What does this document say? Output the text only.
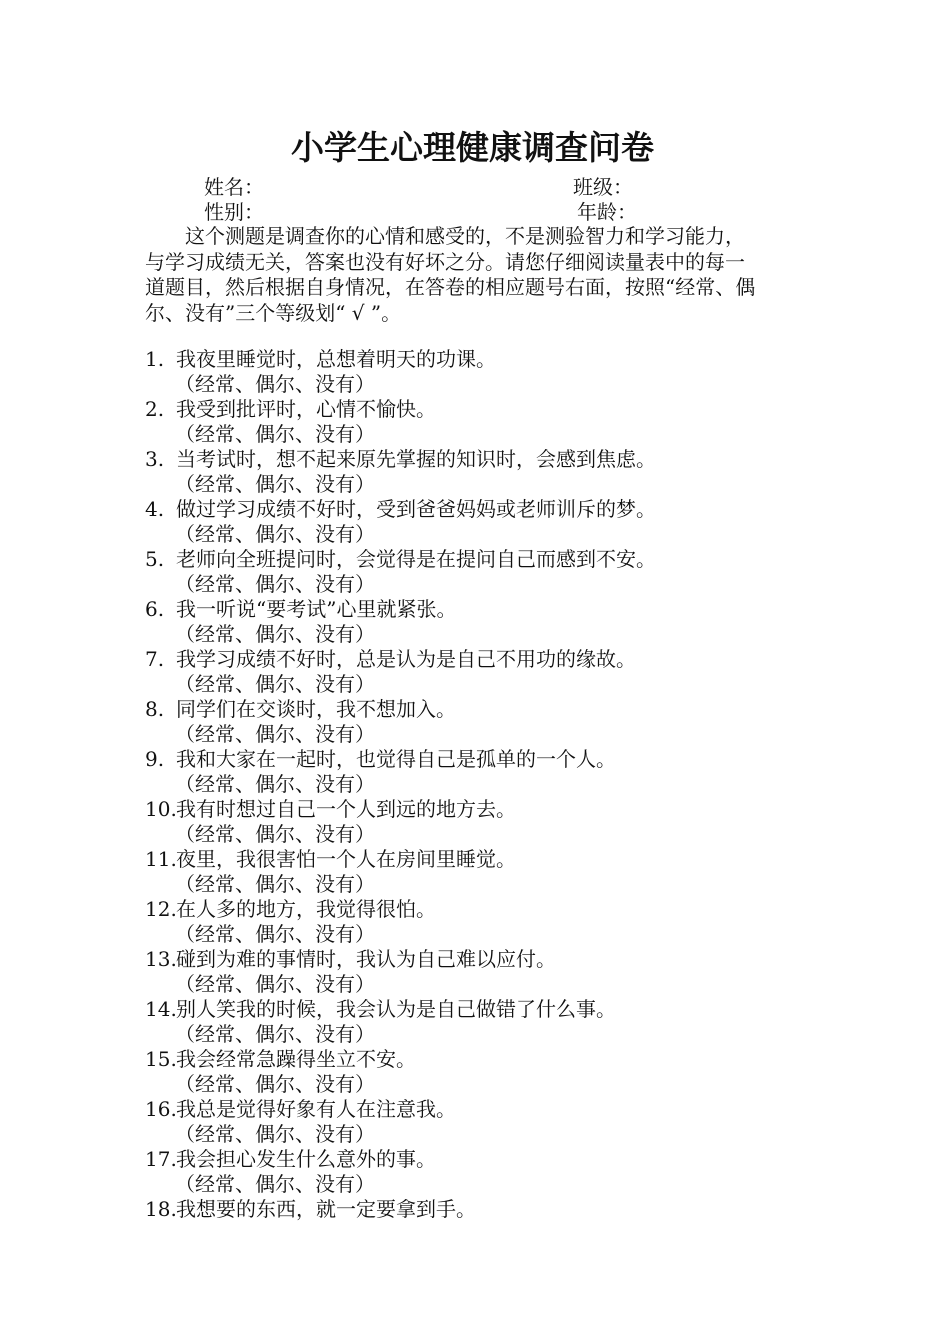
小学生心理健康调查问卷
姓名：	班级：
性别：	年龄：
这个测题是调查你的心情和感受的，不是测验智力和学习能力，
与学习成绩无关，答案也没有好坏之分。请您仔细阅读量表中的每一
道题目，然后根据自身情况，在答卷的相应题号右面，按照“经常、偶
尔、没有”三个等级划“ √ ”。
1. 我夜里睡觉时，总想着明天的功课。
（经常、偶尔、没有）
2. 我受到批评时，心情不愉快。
（经常、偶尔、没有）
3. 当考试时，想不起来原先掌握的知识时，会感到焦虑。
（经常、偶尔、没有）
4. 做过学习成绩不好时，受到爸爸妈妈或老师训斥的梦。
（经常、偶尔、没有）
5. 老师向全班提问时，会觉得是在提问自己而感到不安。
（经常、偶尔、没有）
6. 我一听说“要考试”心里就紧张。
（经常、偶尔、没有）
7. 我学习成绩不好时，总是认为是自己不用功的缘故。
（经常、偶尔、没有）
8. 同学们在交谈时，我不想加入。
（经常、偶尔、没有）
9. 我和大家在一起时，也觉得自己是孤单的一个人。
（经常、偶尔、没有）
10.我有时想过自己一个人到远的地方去。
（经常、偶尔、没有）
11.夜里，我很害怕一个人在房间里睡觉。
（经常、偶尔、没有）
12.在人多的地方，我觉得很怕。
（经常、偶尔、没有）
13.碰到为难的事情时，我认为自己难以应付。
（经常、偶尔、没有）
14.别人笑我的时候，我会认为是自己做错了什么事。
（经常、偶尔、没有）
15.我会经常急躁得坐立不安。
（经常、偶尔、没有）
16.我总是觉得好象有人在注意我。
（经常、偶尔、没有）
17.我会担心发生什么意外的事。
（经常、偶尔、没有）
18.我想要的东西，就一定要拿到手。
